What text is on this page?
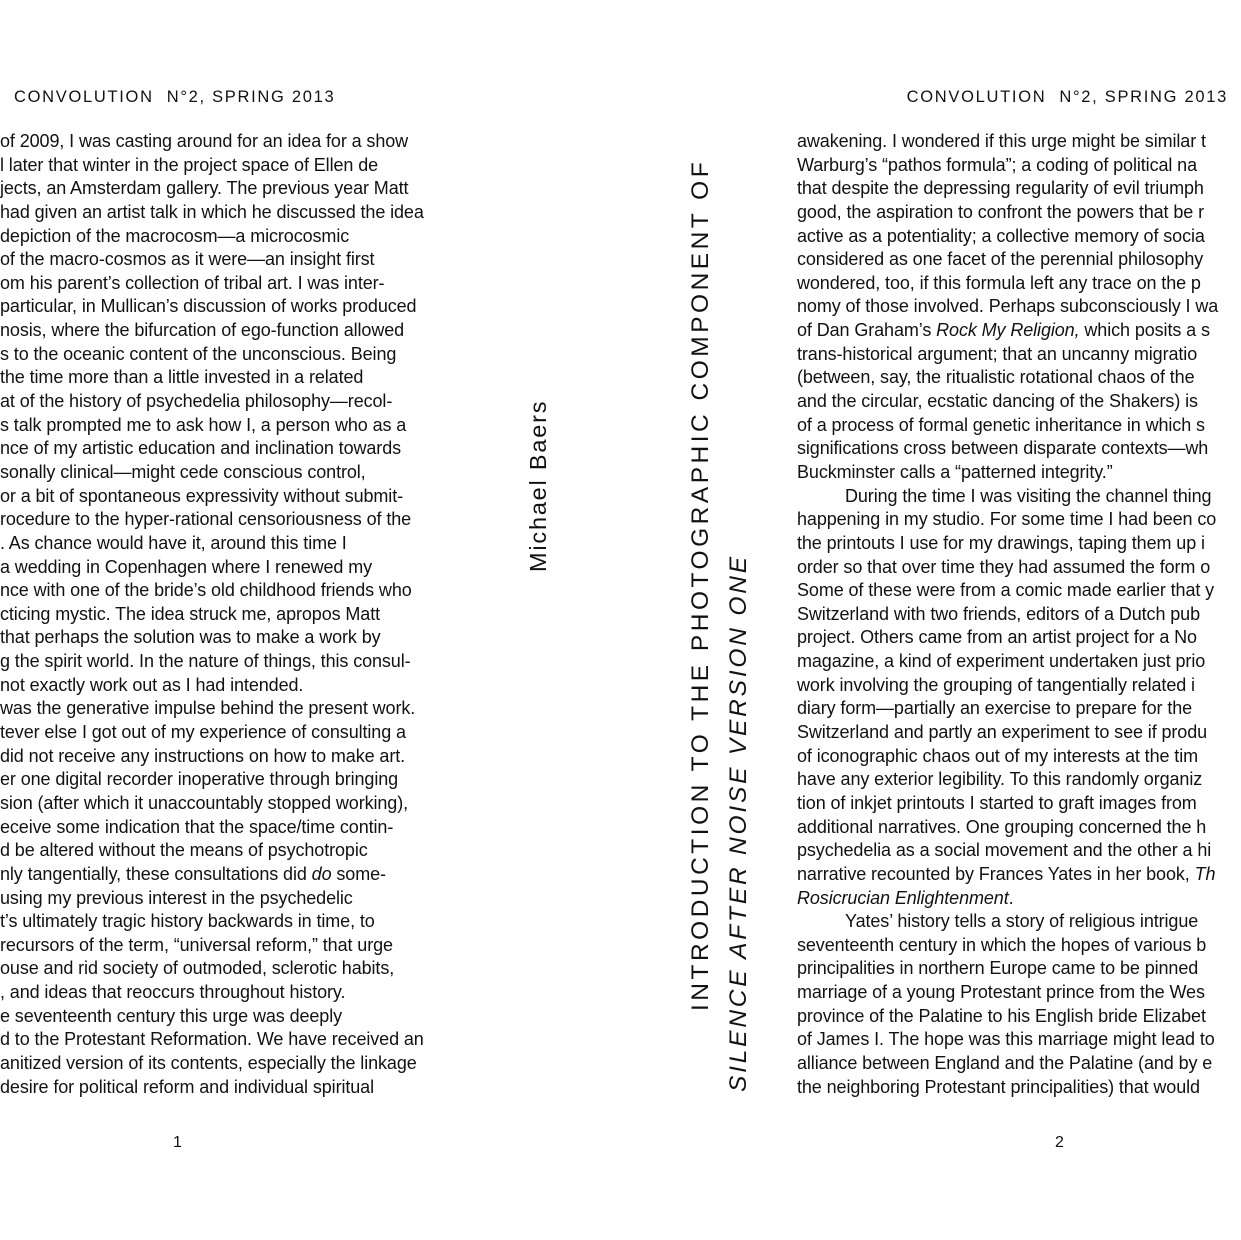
CONVOLUTION N°2, SPRING 2013	CONVOLUTION N°2, SPRING 2013
of 2009, I was casting around for an idea for a show
l later that winter in the project space of Ellen de
jects, an Amsterdam gallery. The previous year Matt
had given an artist talk in which he discussed the idea
depiction of the macrocosm—a microcosmic
of the macro-cosmos as it were—an insight first
om his parent’s collection of tribal art. I was inter-
particular, in Mullican’s discussion of works produced
nosis, where the bifurcation of ego-function allowed
s to the oceanic content of the unconscious. Being
the time more than a little invested in a related
at of the history of psychedelia philosophy—recol-
s talk prompted me to ask how I, a person who as a
nce of my artistic education and inclination towards
sonally clinical—might cede conscious control,
or a bit of spontaneous expressivity without submit-
rocedure to the hyper-rational censoriousness of the
. As chance would have it, around this time I
a wedding in Copenhagen where I renewed my
nce with one of the bride’s old childhood friends who
cticing mystic. The idea struck me, apropos Matt
that perhaps the solution was to make a work by
g the spirit world. In the nature of things, this consul-
not exactly work out as I had intended.
was the generative impulse behind the present work.
tever else I got out of my experience of consulting a
did not receive any instructions on how to make art.
er one digital recorder inoperative through bringing
sion (after which it unaccountably stopped working),
eceive some indication that the space/time contin-
d be altered without the means of psychotropic
nly tangentially, these consultations did do some-
using my previous interest in the psychedelic
t’s ultimately tragic history backwards in time, to
recursors of the term, “universal reform,” that urge
ouse and rid society of outmoded, sclerotic habits,
, and ideas that reoccurs throughout history.
e seventeenth century this urge was deeply
d to the Protestant Reformation. We have received an
anitized version of its contents, especially the linkage
desire for political reform and individual spiritual
awakening. I wondered if this urge might be similar t
Warburg’s “pathos formula”; a coding of political na
that despite the depressing regularity of evil triumph
good, the aspiration to confront the powers that be r
active as a potentiality; a collective memory of socia
considered as one facet of the perennial philosophy
wondered, too, if this formula left any trace on the p
nomy of those involved. Perhaps subconsciously I wa
of Dan Graham’s Rock My Religion, which posits a s
trans-historical argument; that an uncanny migratio
(between, say, the ritualistic rotational chaos of the
and the circular, ecstatic dancing of the Shakers) is
of a process of formal genetic inheritance in which s
significations cross between disparate contexts—wh
Buckminster calls a “patterned integrity.”
During the time I was visiting the channel thing
happening in my studio. For some time I had been co
the printouts I use for my drawings, taping them up i
order so that over time they had assumed the form o
Some of these were from a comic made earlier that y
Switzerland with two friends, editors of a Dutch pub
project. Others came from an artist project for a No
magazine, a kind of experiment undertaken just prio
work involving the grouping of tangentially related i
diary form—partially an exercise to prepare for the
Switzerland and partly an experiment to see if produ
of iconographic chaos out of my interests at the tim
have any exterior legibility. To this randomly organiz
tion of inkjet printouts I started to graft images from
additional narratives. One grouping concerned the h
psychedelia as a social movement and the other a hi
narrative recounted by Frances Yates in her book, Th
Rosicrucian Enlightenment.
Yates’ history tells a story of religious intrigue
seventeenth century in which the hopes of various b
principalities in northern Europe came to be pinned
marriage of a young Protestant prince from the Wes
province of the Palatine to his English bride Elizabet
of James I. The hope was this marriage might lead to
alliance between England and the Palatine (and by e
the neighboring Protestant principalities) that would
INTRODUCTION TO THE PHOTOGRAPHIC COMPONENT OF SILENCE AFTER NOISE VERSION ONE
Michael Baers
1	2
